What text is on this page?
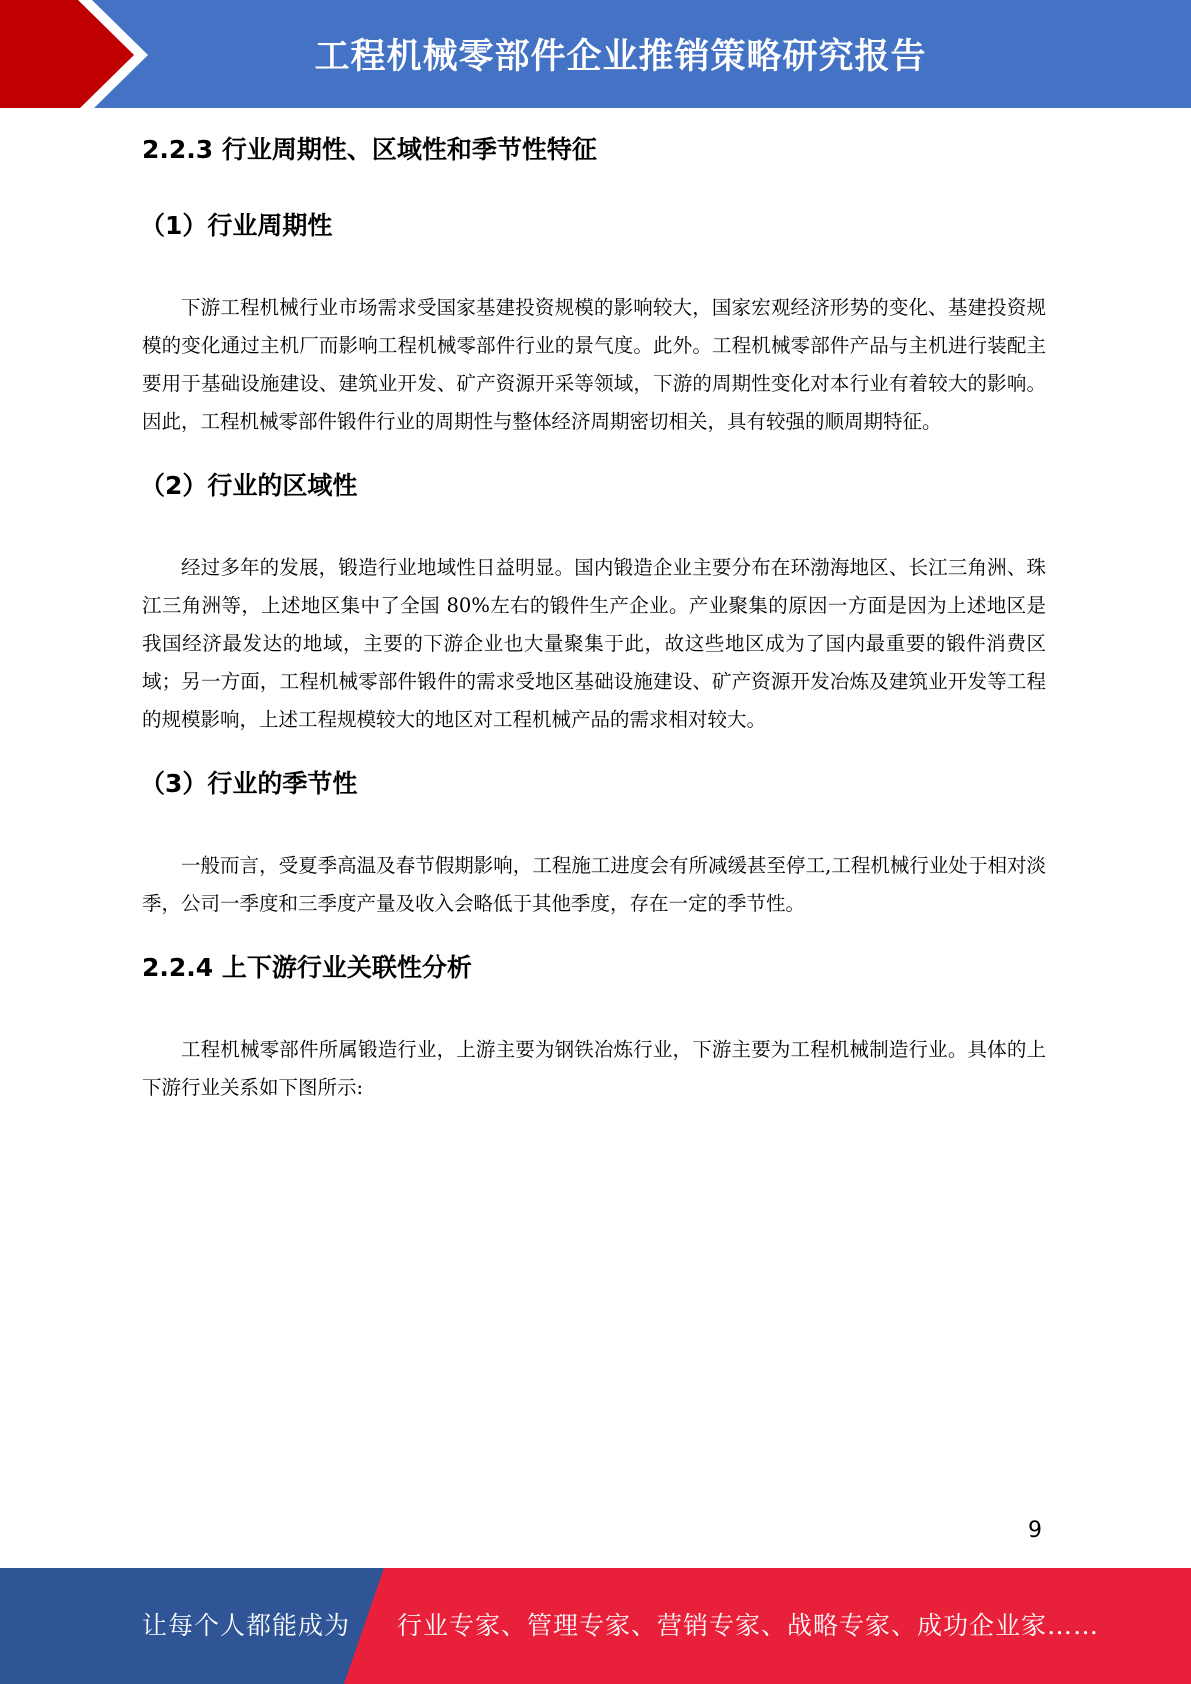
工程机械零部件企业推销策略研究报告
2.2.3 行业周期性、区域性和季节性特征
（1）行业周期性

下游工程机械行业市场需求受国家基建投资规模的影响较大，国家宏观经济形势的变化、基建投资规模的变化通过主机厂而影响工程机械零部件行业的景气度。此外。工程机械零部件产品与主机进行装配主要用于基础设施建设、建筑业开发、矿产资源开采等领域，下游的周期性变化对本行业有着较大的影响。因此，工程机械零部件锻件行业的周期性与整体经济周期密切相关，具有较强的顺周期特征。

（2）行业的区域性

经过多年的发展，锻造行业地域性日益明显。国内锻造企业主要分布在环渤海地区、长江三角洲、珠江三角洲等，上述地区集中了全国 80%左右的锻件生产企业。产业聚集的原因一方面是因为上述地区是我国经济最发达的地域，主要的下游企业也大量聚集于此，故这些地区成为了国内最重要的锻件消费区域；另一方面，工程机械零部件锻件的需求受地区基础设施建设、矿产资源开发冶炼及建筑业开发等工程的规模影响，上述工程规模较大的地区对工程机械产品的需求相对较大。

（3）行业的季节性

一般而言，受夏季高温及春节假期影响，工程施工进度会有所减缓甚至停工,工程机械行业处于相对淡季，公司一季度和三季度产量及收入会略低于其他季度，存在一定的季节性。

2.2.4 上下游行业关联性分析

工程机械零部件所属锻造行业，上游主要为钢铁冶炼行业，下游主要为工程机械制造行业。具体的上下游行业关系如下图所示:

9
让每个人都能成为 行业专家、管理专家、营销专家、战略专家、成功企业家……
